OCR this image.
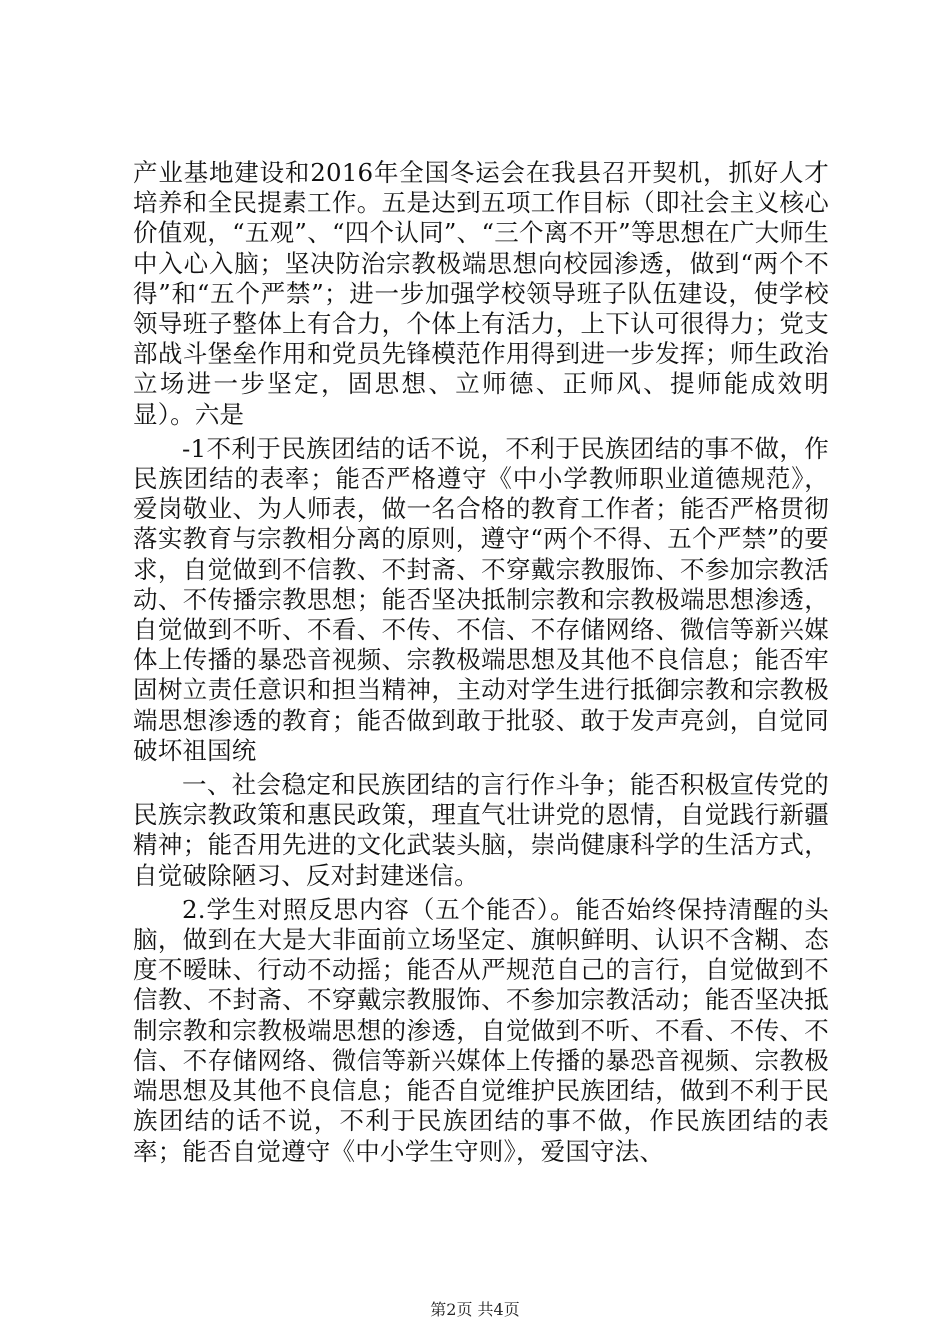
产业基地建设和2016年全国冬运会在我县召开契机，抓好人才培养和全民提素工作。五是达到五项工作目标（即社会主义核心价值观，“五观”、“四个认同”、“三个离不开”等思想在广大师生中入心入脑；坚决防治宗教极端思想向校园渗透，做到“两个不得”和“五个严禁”；进一步加强学校领导班子队伍建设，使学校领导班子整体上有合力，个体上有活力，上下认可很得力；党支部战斗堡垒作用和党员先锋模范作用得到进一步发挥；师生政治立场进一步坚定，固思想、立师德、正师风、提师能成效明显）。六是

-1不利于民族团结的话不说，不利于民族团结的事不做，作民族团结的表率；能否严格遵守《中小学教师职业道德规范》，爱岗敬业、为人师表，做一名合格的教育工作者；能否严格贯彻落实教育与宗教相分离的原则，遵守“两个不得、五个严禁”的要求，自觉做到不信教、不封斋、不穿戴宗教服饰、不参加宗教活动、不传播宗教思想；能否坚决抵制宗教和宗教极端思想渗透，自觉做到不听、不看、不传、不信、不存储网络、微信等新兴媒体上传播的暴恐音视频、宗教极端思想及其他不良信息；能否牢固树立责任意识和担当精神，主动对学生进行抵御宗教和宗教极端思想渗透的教育；能否做到敢于批驳、敢于发声亮剑，自觉同破坏祖国统

一、社会稳定和民族团结的言行作斗争；能否积极宣传党的民族宗教政策和惠民政策，理直气壮讲党的恩情，自觉践行新疆精神；能否用先进的文化武装头脑，崇尚健康科学的生活方式，自觉破除陋习、反对封建迷信。

2.学生对照反思内容（五个能否）。能否始终保持清醒的头脑，做到在大是大非面前立场坚定、旗帜鲜明、认识不含糊、态度不暧昧、行动不动摇；能否从严规范自己的言行，自觉做到不信教、不封斋、不穿戴宗教服饰、不参加宗教活动；能否坚决抵制宗教和宗教极端思想的渗透，自觉做到不听、不看、不传、不信、不存储网络、微信等新兴媒体上传播的暴恐音视频、宗教极端思想及其他不良信息；能否自觉维护民族团结，做到不利于民族团结的话不说，不利于民族团结的事不做，作民族团结的表率；能否自觉遵守《中小学生守则》，爱国守法、

第2页 共4页
